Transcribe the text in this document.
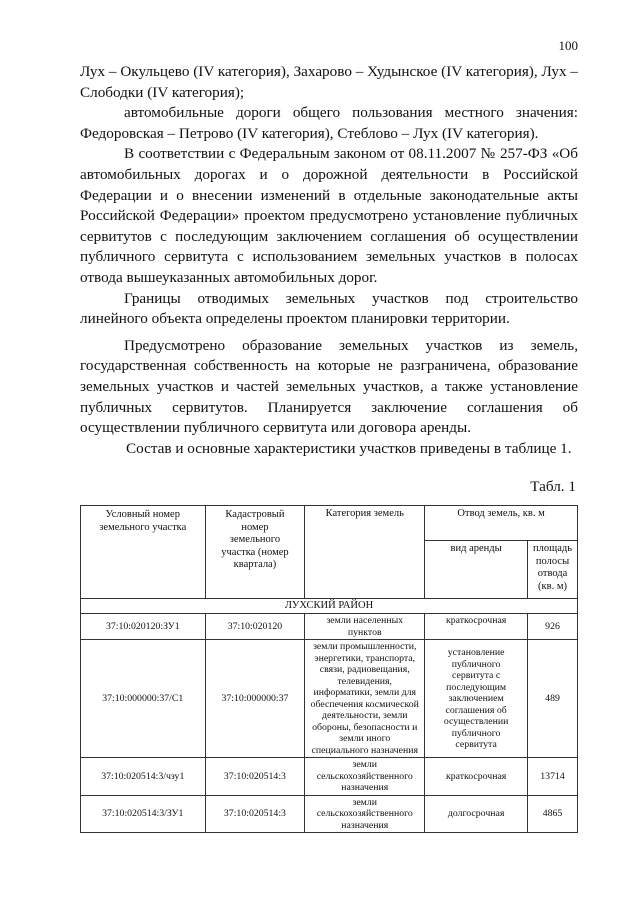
100

Лух – Окульцево (IV категория), Захарово – Худынское (IV категория), Лух – Слободки (IV категория);

автомобильные дороги общего пользования местного значения: Федоровская – Петрово (IV категория), Стеблово – Лух (IV категория).

В соответствии с Федеральным законом от 08.11.2007 № 257-ФЗ «Об автомобильных дорогах и о дорожной деятельности в Российской Федерации и о внесении изменений в отдельные законодательные акты Российской Федерации» проектом предусмотрено установление публичных сервитутов с последующим заключением соглашения об осуществлении публичного сервитута с использованием земельных участков в полосах отвода вышеуказанных автомобильных дорог.

Границы отводимых земельных участков под строительство линейного объекта определены проектом планировки территории.

Предусмотрено образование земельных участков из земель, государственная собственность на которые не разграничена, образование земельных участков и частей земельных участков, а также установление публичных сервитутов. Планируется заключение соглашения об осуществлении публичного сервитута или договора аренды.

Состав и основные характеристики участков приведены в таблице 1.

Табл. 1
Условный номер земельного участка	Кадастровый номер земельного участка (номер квартала)	Категория земель	Отвод земель, кв. м	
			вид аренды	площадь полосы отвода (кв. м)
ЛУХСКИЙ РАЙОН				
37:10:020120:ЗУ1	37:10:020120	земли населенных пунктов	краткосрочная	926
37:10:000000:37/С1	37:10:000000:37	земли промышленности, энергетики, транспорта, связи, радиовещания, телевидения, информатики, земли для обеспечения космической деятельности, земли обороны, безопасности и земли иного специального назначения	установление публичного сервитута с последующим заключением соглашения об осуществлении публичного сервитута	489
37:10:020514:3/чзу1	37:10:020514:3	земли сельскохозяйственного назначения	краткосрочная	13714
37:10:020514:3/ЗУ1	37:10:020514:3	земли сельскохозяйственного назначения	долгосрочная	4865
